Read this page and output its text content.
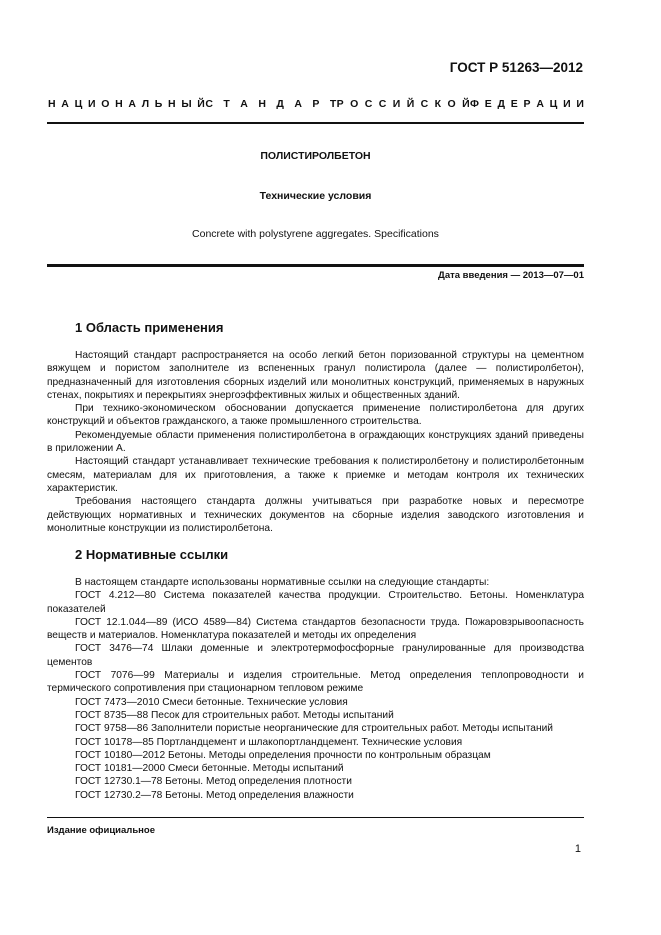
ГОСТ Р 51263—2012
Н А Ц И О Н А Л Ь Н Ы Й С Т А Н Д А Р Т Р О С С И Й С К О Й Ф Е Д Е Р А Ц И И
ПОЛИСТИРОЛБЕТОН
Технические условия
Concrete with polystyrene aggregates. Specifications
Дата введения — 2013—07—01
1 Область применения

Настоящий стандарт распространяется на особо легкий бетон поризованной структуры на цементном вяжущем и пористом заполнителе из вспененных гранул полистирола (далее — полистиролбетон), предназначенный для изготовления сборных изделий или монолитных конструкций, применяемых в наружных стенах, покрытиях и перекрытиях энергоэффективных жилых и общественных зданий.

При технико-экономическом обосновании допускается применение полистиролбетона для других конструкций и объектов гражданского, а также промышленного строительства.

Рекомендуемые области применения полистиролбетона в ограждающих конструкциях зданий приведены в приложении А.

Настоящий стандарт устанавливает технические требования к полистиролбетону и полистиролбетонным смесям, материалам для их приготовления, а также к приемке и методам контроля их технических характеристик.

Требования настоящего стандарта должны учитываться при разработке новых и пересмотре действующих нормативных и технических документов на сборные изделия заводского изготовления и монолитные конструкции из полистиролбетона.

2 Нормативные ссылки

В настоящем стандарте использованы нормативные ссылки на следующие стандарты:

ГОСТ 4.212—80 Система показателей качества продукции. Строительство. Бетоны. Номенклатура показателей

ГОСТ 12.1.044—89 (ИСО 4589—84) Система стандартов безопасности труда. Пожаровзрывоопасность веществ и материалов. Номенклатура показателей и методы их определения

ГОСТ 3476—74 Шлаки доменные и электротермофосфорные гранулированные для производства цементов

ГОСТ 7076—99 Материалы и изделия строительные. Метод определения теплопроводности и термического сопротивления при стационарном тепловом режиме

ГОСТ 7473—2010 Смеси бетонные. Технические условия

ГОСТ 8735—88 Песок для строительных работ. Методы испытаний

ГОСТ 9758—86 Заполнители пористые неорганические для строительных работ. Методы испытаний

ГОСТ 10178—85 Портландцемент и шлакопортландцемент. Технические условия

ГОСТ 10180—2012 Бетоны. Методы определения прочности по контрольным образцам

ГОСТ 10181—2000 Смеси бетонные. Методы испытаний

ГОСТ 12730.1—78 Бетоны. Метод определения плотности

ГОСТ 12730.2—78 Бетоны. Метод определения влажности

Издание официальное
1
